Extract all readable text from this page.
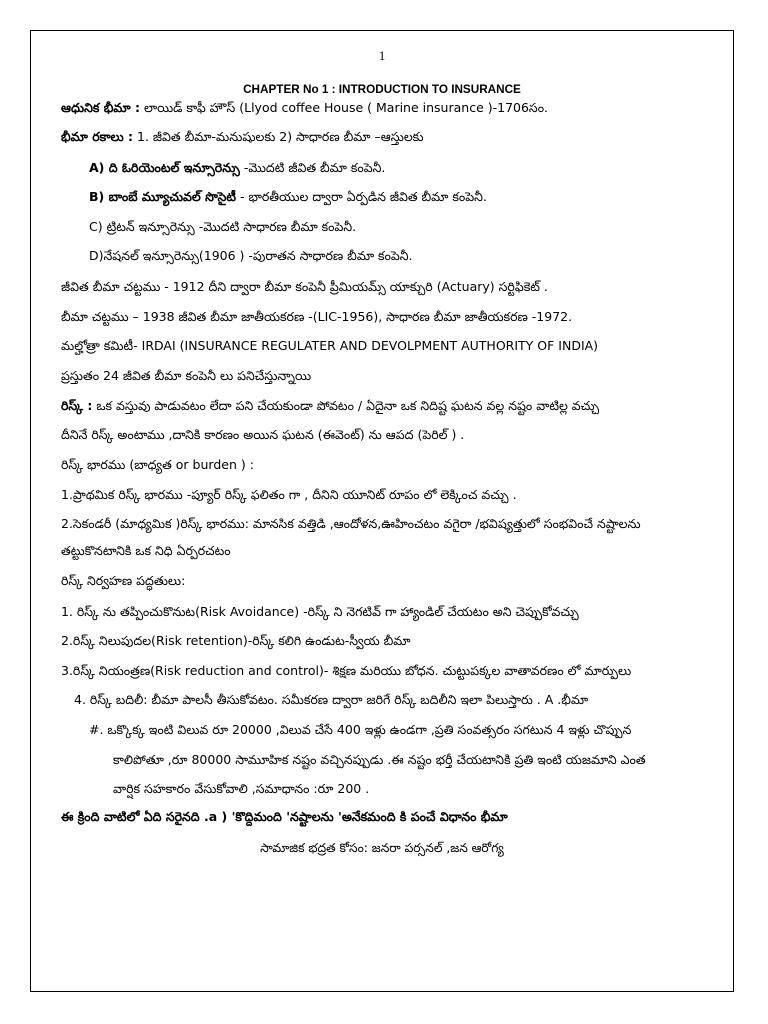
1
CHAPTER No 1 : INTRODUCTION TO INSURANCE
ఆధునిక భీమా : లాయిడ్ కాఫీ హౌస్ (Llyod coffee House ( Marine insurance )-1706సం.
భీమా రకాలు : 1. జీవిత బీమా-మనుషులకు 2) సాధారణ బీమా –ఆస్తులకు
A) ది ఓరియెంటల్ ఇన్సూరెన్సు -మొదటి జీవిత బీమా కంపెనీ.
B) బాంబే మ్యూచువల్ సొసైటీ - భారతీయుల ద్వారా ఏర్పడిన జీవిత బీమా కంపెనీ.
C) ట్రిటన్ ఇన్సూరెన్సు -మొదటి సాధారణ బీమా కంపెనీ.
D)నేషనల్ ఇన్సూరెన్సు(1906 ) -పురాతన సాధారణ బీమా కంపెనీ.
జీవిత బీమా చట్టము - 1912 దీని ద్వారా బీమా కంపెనీ ప్రీమియమ్స్ యాక్చురి (Actuary) సర్టిఫికెట్ .
బీమా చట్టము – 1938 జీవిత బీమా జాతీయకరణ -(LIC-1956), సాధారణ బీమా జాతీయకరణ -1972.
మల్హోత్రా కమిటీ- IRDAI (INSURANCE REGULATER AND DEVOLPMENT AUTHORITY OF INDIA)
ప్రస్తుతం 24 జీవిత బీమా కంపెనీ లు పనిచేస్తున్నాయి
రిస్క్ : ఒక వస్తువు పాడువటం లేదా పని చేయకుండా పోవటం / ఏదైనా ఒక నిదిష్ట ఘటన వల్ల నష్టం వాటిల్ల వచ్చు
దీనినే రిస్క్ అంటాము ,దానికి కారణం అయిన ఘటన (ఈవెంట్) ను ఆపద (పెరిల్ ) .
రిస్క్ భారము (బాధ్యత or burden ) :
1.ప్రాథమిక రిస్క్ భారము -ప్యూర్ రిస్క్ ఫలితం గా , దీనిని యూనిట్ రూపం లో లెక్కించ వచ్చు .
2.సెకండరీ (మాధ్యమిక )రిస్క్ భారము: మానసిక వత్తిడి ,ఆందోళన,ఊహించటం వగైరా /భవిష్యత్తులో సంభవించే నష్టాలను
తట్టుకొనటానికి ఒక నిధి ఏర్పరచటం
రిస్క్ నిర్వహణ పద్ధతులు:
1. రిస్క్ ను తప్పించుకొనుట(Risk Avoidance) -రిస్క్ ని నెగటివ్ గా హ్యాండిల్ చేయటం అని చెప్పుకోవచ్చు
2.రిస్క్ నిలుపుదల(Risk retention)-రిస్క్ కలిగి ఉండుట-స్వీయ బీమా
3.రిస్క్ నియంత్రణ(Risk reduction and control)- శిక్షణ మరియు బోధన. చుట్టుపక్కల వాతావరణం లో మార్పులు
4. రిస్క్ బదిలీ: బీమా పాలసీ తీసుకోవటం. సమీకరణ ద్వారా జరిగే రిస్క్ బదిలీని ఇలా పిలుస్తారు . A .భీమా
#. ఒక్కొక్క ఇంటి విలువ రూ 20000 ,విలువ చేసే 400 ఇళ్లు ఉండగా ,ప్రతి సంవత్సరం సగటున 4 ఇళ్లు చొప్పున
కాలిపోతూ ,రూ 80000 సామూహిక నష్టం వచ్చినప్పుడు .ఈ నష్టం భర్తీ చేయటానికి ప్రతి ఇంటి యజమాని ఎంత
వార్షిక సహకారం వేసుకోవాలి ,సమాధానం :రూ 200 .
ఈ క్రింది వాటిలో ఏది సరైనది .a ) 'కొద్దిమంది 'నష్టాలను 'అనేకమంది కి పంచే విధానం భీమా
సామాజిక భద్రత కోసం: జనరా పర్సనల్ ,జన ఆరోగ్య
